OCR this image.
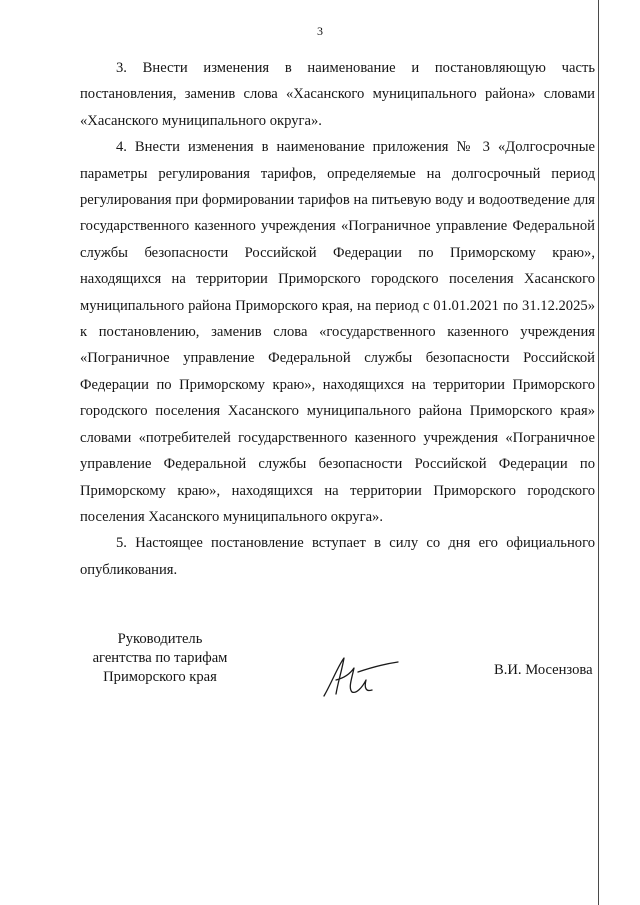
3

3. Внести изменения в наименование и постановляющую часть постановления, заменив слова «Хасанского муниципального района» словами «Хасанского муниципального округа».

4. Внести изменения в наименование приложения № 3 «Долгосрочные параметры регулирования тарифов, определяемые на долгосрочный период регулирования при формировании тарифов на питьевую воду и водоотведение для государственного казенного учреждения «Пограничное управление Федеральной службы безопасности Российской Федерации по Приморскому краю», находящихся на территории Приморского городского поселения Хасанского муниципального района Приморского края, на период с 01.01.2021 по 31.12.2025» к постановлению, заменив слова «государственного казенного учреждения «Пограничное управление Федеральной службы безопасности Российской Федерации по Приморскому краю», находящихся на территории Приморского городского поселения Хасанского муниципального района Приморского края» словами «потребителей государственного казенного учреждения «Пограничное управление Федеральной службы безопасности Российской Федерации по Приморскому краю», находящихся на территории Приморского городского поселения Хасанского муниципального округа».

5. Настоящее постановление вступает в силу со дня его официального опубликования.

Руководитель
агентства по тарифам
Приморского края	В.И. Мосензова
